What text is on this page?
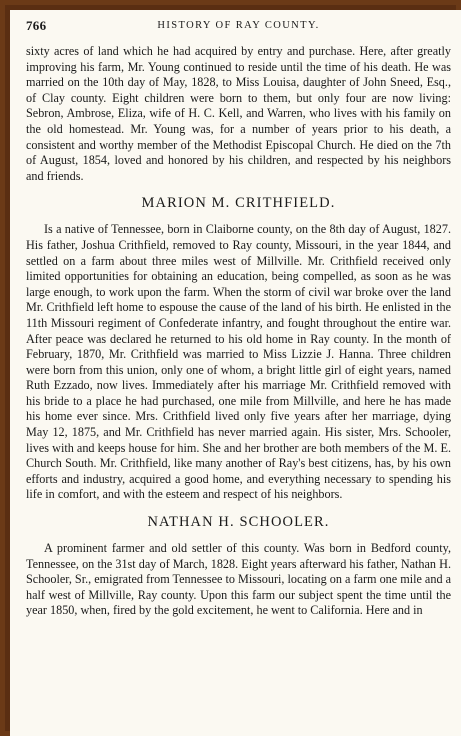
766	HISTORY OF RAY COUNTY.

sixty acres of land which he had acquired by entry and purchase. Here, after greatly improving his farm, Mr. Young continued to reside until the time of his death. He was married on the 10th day of May, 1828, to Miss Louisa, daughter of John Sneed, Esq., of Clay county. Eight children were born to them, but only four are now living: Sebron, Ambrose, Eliza, wife of H. C. Kell, and Warren, who lives with his family on the old homestead. Mr. Young was, for a number of years prior to his death, a consistent and worthy member of the Methodist Episcopal Church. He died on the 7th of August, 1854, loved and honored by his children, and respected by his neighbors and friends.

MARION M. CRITHFIELD.

Is a native of Tennessee, born in Claiborne county, on the 8th day of August, 1827. His father, Joshua Crithfield, removed to Ray county, Missouri, in the year 1844, and settled on a farm about three miles west of Millville. Mr. Crithfield received only limited opportunities for obtaining an education, being compelled, as soon as he was large enough, to work upon the farm. When the storm of civil war broke over the land Mr. Crithfield left home to espouse the cause of the land of his birth. He enlisted in the 11th Missouri regiment of Confederate infantry, and fought throughout the entire war. After peace was declared he returned to his old home in Ray county. In the month of February, 1870, Mr. Crithfield was married to Miss Lizzie J. Hanna. Three children were born from this union, only one of whom, a bright little girl of eight years, named Ruth Ezzado, now lives. Immediately after his marriage Mr. Crithfield removed with his bride to a place he had purchased, one mile from Millville, and here he has made his home ever since. Mrs. Crithfield lived only five years after her marriage, dying May 12, 1875, and Mr. Crithfield has never married again. His sister, Mrs. Schooler, lives with and keeps house for him. She and her brother are both members of the M. E. Church South. Mr. Crithfield, like many another of Ray's best citizens, has, by his own efforts and industry, acquired a good home, and everything necessary to spending his life in comfort, and with the esteem and respect of his neighbors.

NATHAN H. SCHOOLER.

A prominent farmer and old settler of this county. Was born in Bedford county, Tennessee, on the 31st day of March, 1828. Eight years afterward his father, Nathan H. Schooler, Sr., emigrated from Tennessee to Missouri, locating on a farm one mile and a half west of Millville, Ray county. Upon this farm our subject spent the time until the year 1850, when, fired by the gold excitement, he went to California. Here and in
